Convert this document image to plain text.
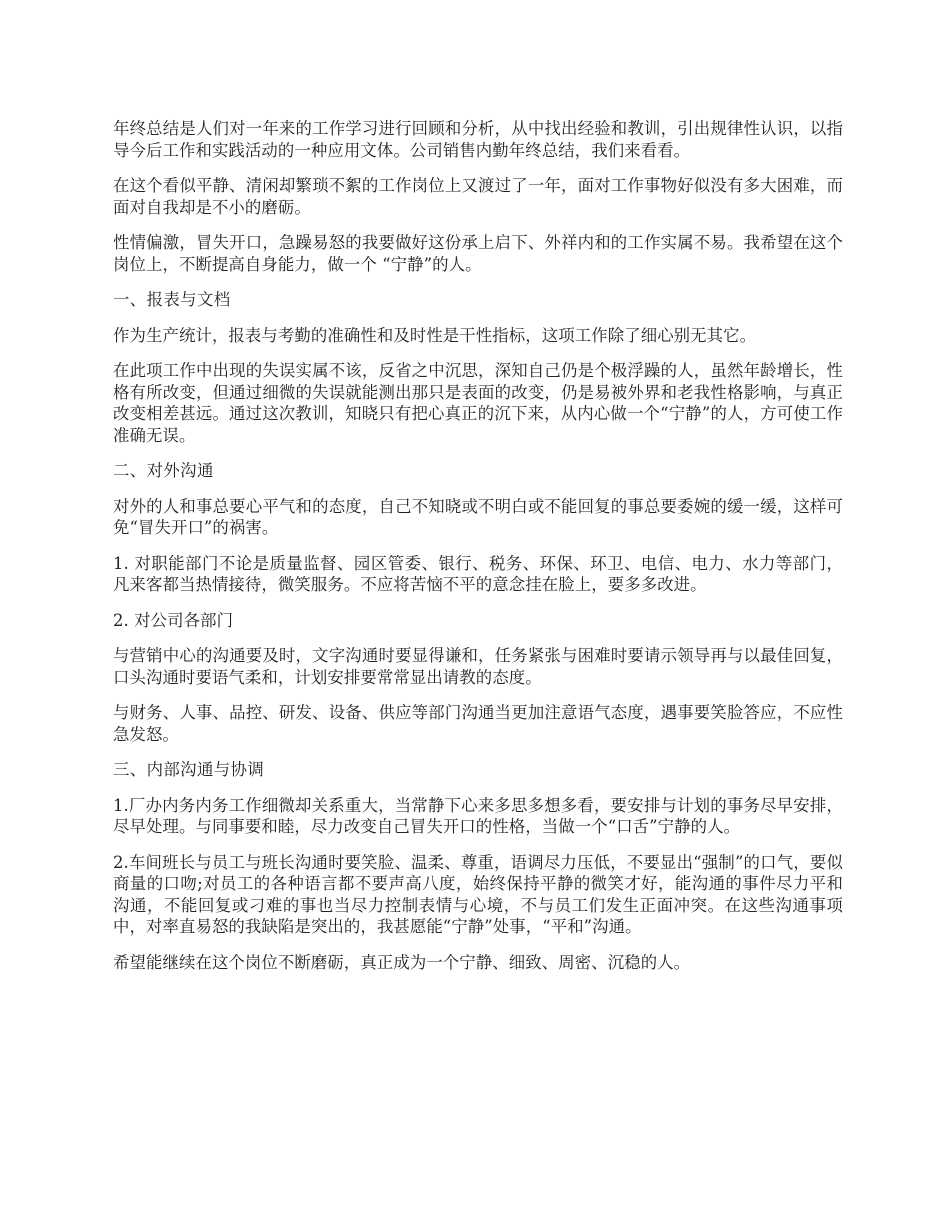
年终总结是人们对一年来的工作学习进行回顾和分析，从中找出经验和教训，引出规律性认识，以指导今后工作和实践活动的一种应用文体。公司销售内勤年终总结，我们来看看。

在这个看似平静、清闲却繁琐不絮的工作岗位上又渡过了一年，面对工作事物好似没有多大困难，而面对自我却是不小的磨砺。

性情偏激，冒失开口，急躁易怒的我要做好这份承上启下、外祥内和的工作实属不易。我希望在这个岗位上，不断提高自身能力，做一个 “宁静”的人。

一、报表与文档

作为生产统计，报表与考勤的准确性和及时性是干性指标，这项工作除了细心别无其它。

在此项工作中出现的失误实属不该，反省之中沉思，深知自己仍是个极浮躁的人，虽然年龄增长，性格有所改变，但通过细微的失误就能测出那只是表面的改变，仍是易被外界和老我性格影响，与真正改变相差甚远。通过这次教训，知晓只有把心真正的沉下来，从内心做一个“宁静”的人，方可使工作准确无误。

二、对外沟通

对外的人和事总要心平气和的态度，自己不知晓或不明白或不能回复的事总要委婉的缓一缓，这样可免“冒失开口”的祸害。

1. 对职能部门不论是质量监督、园区管委、银行、税务、环保、环卫、电信、电力、水力等部门，凡来客都当热情接待，微笑服务。不应将苦恼不平的意念挂在脸上，要多多改进。

2. 对公司各部门

与营销中心的沟通要及时，文字沟通时要显得谦和，任务紧张与困难时要请示领导再与以最佳回复，口头沟通时要语气柔和，计划安排要常常显出请教的态度。

与财务、人事、品控、研发、设备、供应等部门沟通当更加注意语气态度，遇事要笑脸答应，不应性急发怒。

三、内部沟通与协调

1.厂办内务内务工作细微却关系重大，当常静下心来多思多想多看，要安排与计划的事务尽早安排，尽早处理。与同事要和睦，尽力改变自己冒失开口的性格，当做一个“口舌”宁静的人。

2.车间班长与员工与班长沟通时要笑脸、温柔、尊重，语调尽力压低，不要显出“强制”的口气，要似商量的口吻;对员工的各种语言都不要声高八度，始终保持平静的微笑才好，能沟通的事件尽力平和沟通，不能回复或刁难的事也当尽力控制表情与心境，不与员工们发生正面冲突。在这些沟通事项中，对率直易怒的我缺陷是突出的，我甚愿能“宁静”处事，“平和”沟通。

希望能继续在这个岗位不断磨砺，真正成为一个宁静、细致、周密、沉稳的人。
